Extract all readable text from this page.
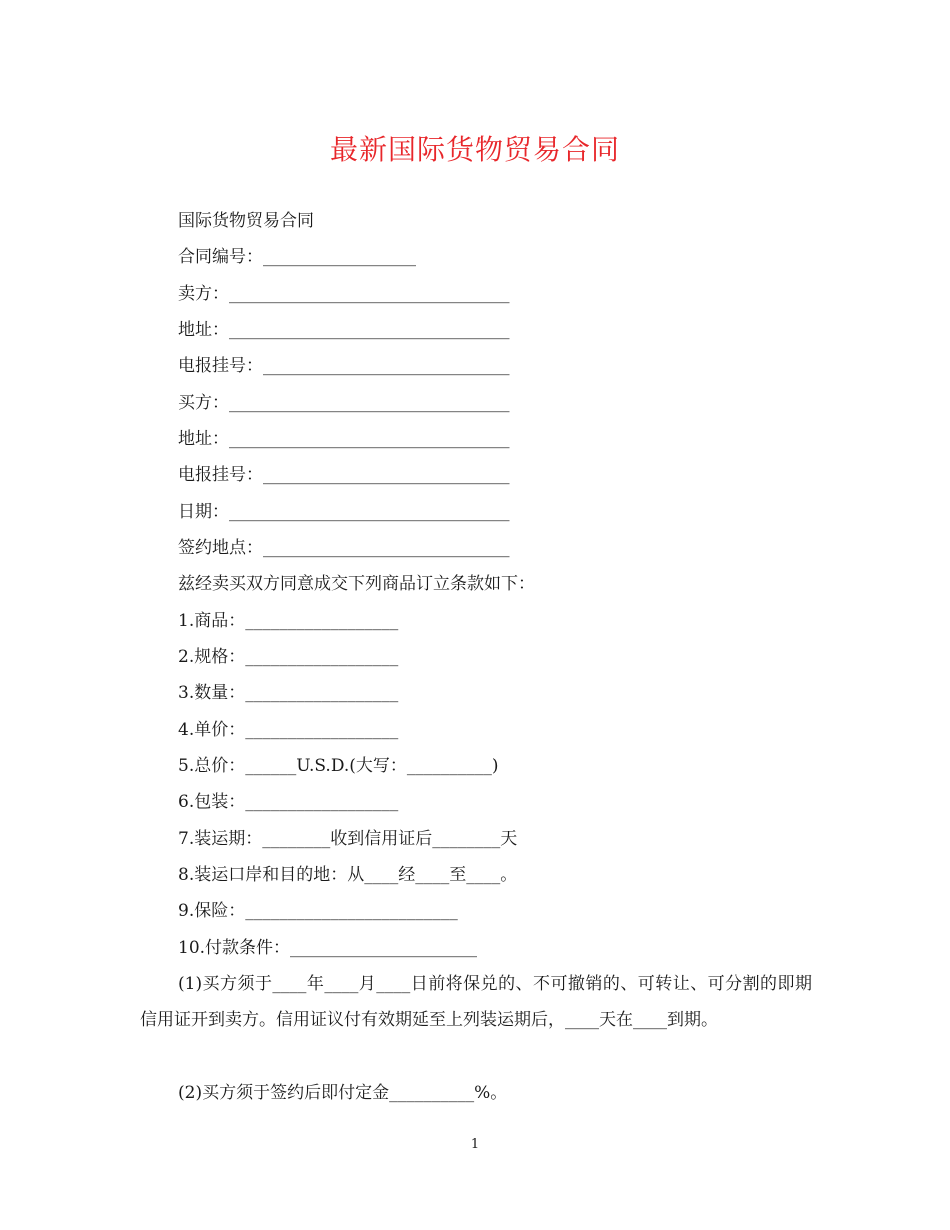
最新国际货物贸易合同
国际货物贸易合同
合同编号：__________________
卖方：_________________________________
地址：_________________________________
电报挂号：_____________________________
买方：_________________________________
地址：_________________________________
电报挂号：_____________________________
日期：_________________________________
签约地点：_____________________________
兹经卖买双方同意成交下列商品订立条款如下：
1.商品：__________________
2.规格：__________________
3.数量：__________________
4.单价：__________________
5.总价：______U.S.D.(大写：__________)
6.包装：__________________
7.装运期：________收到信用证后________天
8.装运口岸和目的地：从____经____至____。
9.保险：_________________________
10.付款条件：______________________
(1)买方须于____年____月____日前将保兑的、不可撤销的、可转让、可分割的即期信用证开到卖方。信用证议付有效期延至上列装运期后，____天在____到期。
(2)买方须于签约后即付定金__________%。
1
